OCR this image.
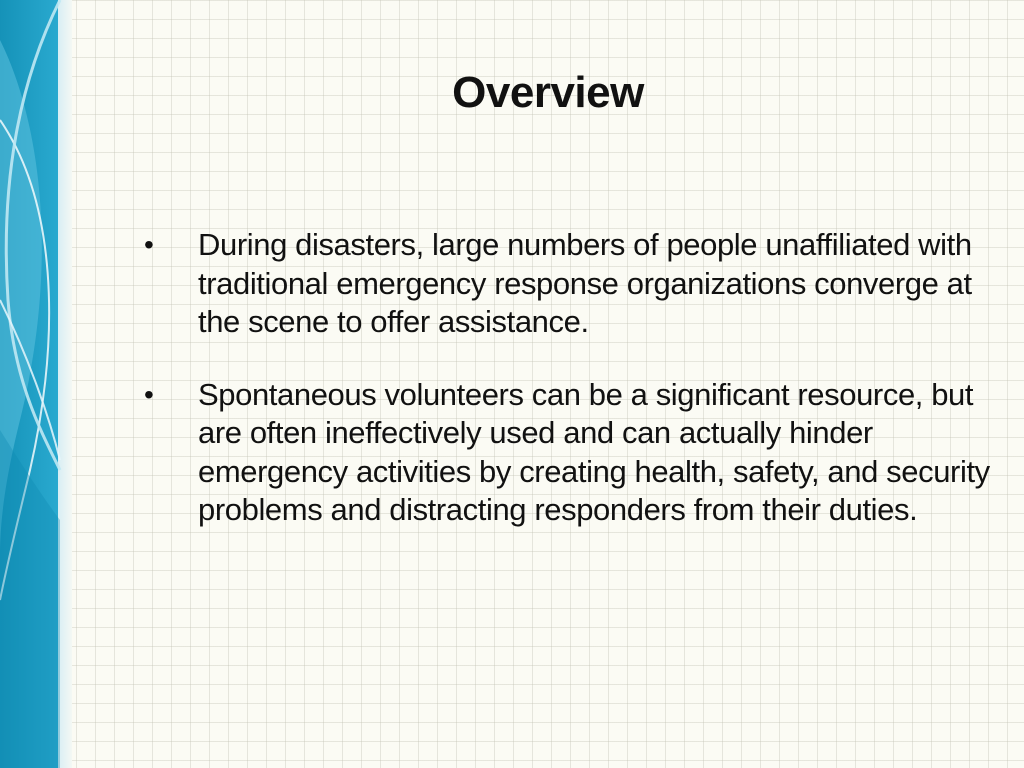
Overview
•	During disasters, large numbers of people unaffiliated with traditional emergency response organizations converge at the scene to offer assistance.
•	Spontaneous volunteers can be a significant resource, but are often ineffectively used and can actually hinder emergency activities by creating health, safety, and security problems and distracting responders from their duties.
